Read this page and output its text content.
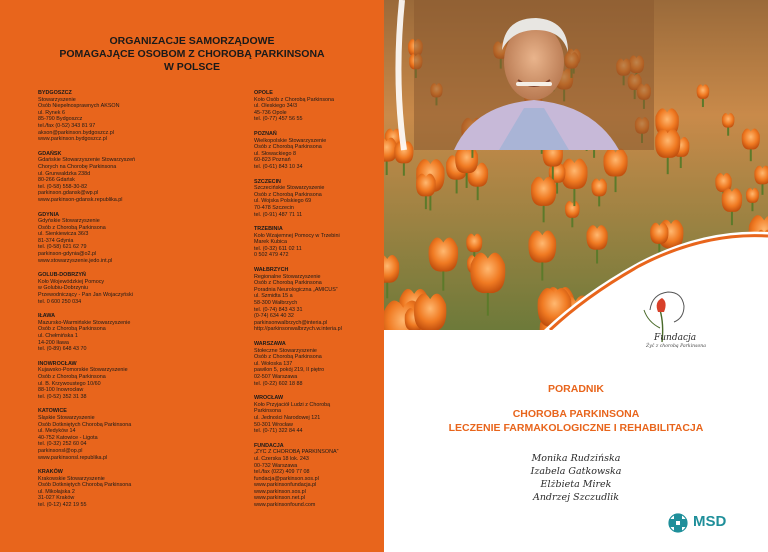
ORGANIZACJE SAMORZĄDOWE
POMAGAJĄCE OSOBOM Z CHOROBĄ PARKINSONA
W POLSCE
BYDGOSZCZ
Stowarzyszenie
Osób Niepełnosprawnych AKSON
ul. Rynek 6
85-790 Bydgoszcz
tel./fax (0-52) 343 81 97
akson@parkinson.bydgoszcz.pl
www.parkinson.bydgoszcz.pl
GDAŃSK
Gdańskie Stowarzyszenie Stowarzyszeń
Chorych na Chorobę Parkinsona
ul. Grunwaldzka 238d
80-266 Gdańsk
tel. (0-58) 558-30-82
parkinson.gdansk@wp.pl
www.parkinson-gdansk.republika.pl
GDYNIA
Gdyńskie Stowarzyszenie
Osób z Chorobą Parkinsona
ul. Sienkiewicza 36/3
81-374 Gdynia
tel. (0-58) 621 62 79
parkinson-gdynia@o2.pl
www.stowarzyszenie.jedo.int.pl
GOLUB-DOBRZYŃ
Koło Wojewódzkiej Pomocy
w Golubiu-Dobrzyniu
Przewodniczący - Pan Jan Wojaczyński
tel. 0 600 250 034
IŁAWA
Mazursko-Warmińskie Stowarzyszenie
Osób z Chorobą Parkinsona
ul. Chełmińska 1
14-200 Iława
tel. (0-89) 648 43 70
INOWROCŁAW
Kujawsko-Pomorskie Stowarzyszenie
Osób z Chorobą Parkinsona
ul. B. Krzywoustego 10/60
88-100 Inowrocław
tel. (0-52) 352 31 38
KATOWICE
Śląskie Stowarzyszenie
Osób Dotkniętych Chorobą Parkinsona
ul. Medyków 14
40-752 Katowice - Ligota
tel. (0-32) 252 60 04
parkinsonsl@op.pl
www.parkinsonsl.republika.pl
KRAKÓW
Krakowskie Stowarzyszenie
Osób Dotkniętych Chorobą Parkinsona
ul. Mikołajska 2
31-027 Kraków
tel. (0-12) 422 19 55
OPOLE
Koło Osób z Chorobą Parkinsona
ul. Oleskiego 34/3
45-736 Opole
tel. (0-77) 457 56 55
POZNAŃ
Wielkopolskie Stowarzyszenie
Osób z Chorobą Parkinsona
ul. Słowackiego 8
60-823 Poznań
tel. (0-61) 843 10 34
SZCZECIN
Szczecińskie Stowarzyszenie
Osób z Chorobą Parkinsona
ul. Wojska Polskiego 69
70-478 Szczecin
tel. (0-91) 487 71 11
TRZEBINIA
Koło Wzajemnej Pomocy w Trzebini
Marek Kubica
tel. (0-32) 611 02 11
0 502 479 472
WAŁBRZYCH
Regionalne Stowarzyszenie
Osób z Chorobą Parkinsona
Poradnia Neurologiczna „AMICUS”
ul. Szmidta 15 a
58-300 Wałbrzych
tel. (0-74) 843 43 31
(0-74) 634 40 32
parkinsonwalbrzych@interia.pl
http://parkinsonwalbrzych.w.interia.pl
WARSZAWA
Stołeczne Stowarzyszenie
Osób z Chorobą Parkinsona
ul. Wołoska 137
pawilon 5, pokój 219, II piętro
02-507 Warszawa
tel. (0-22) 602 18 88
WROCŁAW
Koło Przyjaciół Ludzi z Chorobą
Parkinsona
ul. Jedności Narodowej 121
50-301 Wrocław
tel. (0-71) 322 84 44
FUNDACJA
„ŻYĆ Z CHOROBĄ PARKINSONA”
ul. Czerska 18 lok. 243
00-732 Warszawa
tel./fax (022) 409 77 08
fundacja@parkinson.sos.pl
www.parkinsonfundacja.pl
www.parkinson.sos.pl
www.parkinson.net.pl
www.parkinsonfound.com
Fundacja
Żyć z chorobą Parkinsona
PORADNIK
CHOROBA PARKINSONA
LECZENIE FARMAKOLOGICZNE I REHABILITACJA
Monika Rudzińska
Izabela Gatkowska
Elżbieta Mirek
Andrzej Szczudlik
MSD
